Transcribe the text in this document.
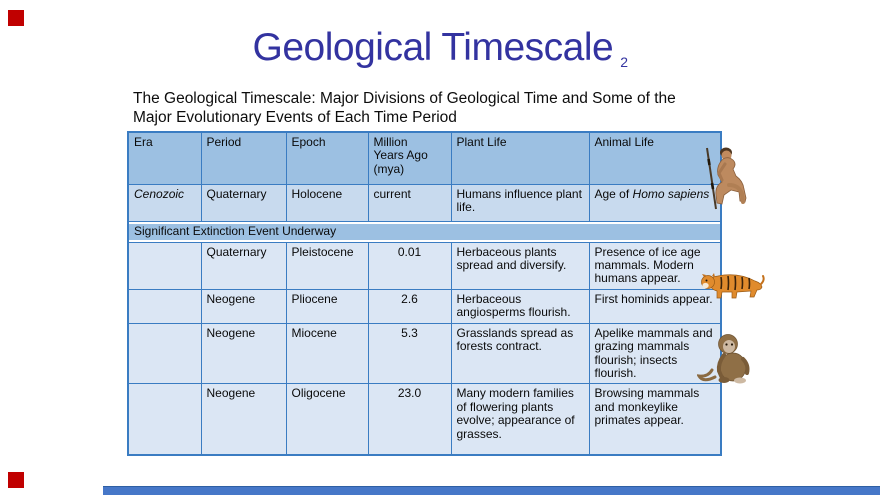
Geological Timescale 2
The Geological Timescale: Major Divisions of Geological Time and Some of the
Major Evolutionary Events of Each Time Period
Era	Period	Epoch	Million Years Ago (mya)	Plant Life	Animal Life
Cenozoic	Quaternary	Holocene	current	Humans influence plant life.	Age of Homo sapiens
Significant Extinction Event Underway					
	Quaternary	Pleistocene	0.01	Herbaceous plants spread and diversify.	Presence of ice age mammals. Modern humans appear.
	Neogene	Pliocene	2.6	Herbaceous angiosperms flourish.	First hominids appear.
	Neogene	Miocene	5.3	Grasslands spread as forests contract.	Apelike mammals and grazing mammals flourish; insects flourish.
	Neogene	Oligocene	23.0	Many modern families of flowering plants evolve; appearance of grasses.	Browsing mammals and monkeylike primates appear.
